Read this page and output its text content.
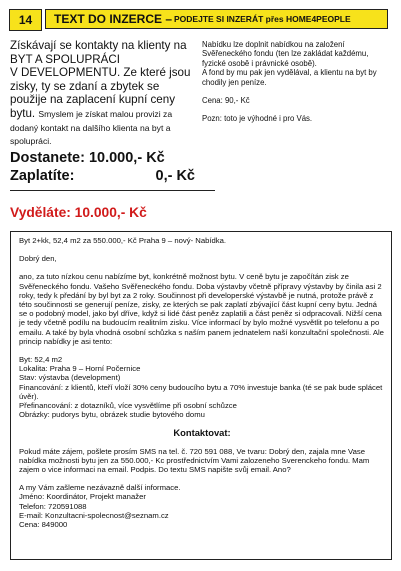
14 TEXT DO INZERCE – PODEJTE SI INZERÁT přes HOME4PEOPLE
Získávají se kontakty na klienty na
BYT A SPOLUPRÁCI
V DEVELOPMENTU. Ze které jsou
zisky, ty se zdaní a zbytek se
použije na zaplacení kupní ceny
bytu. Smyslem je získat malou provizi za dodaný kontakt na dalšího klienta na byt a spolupráci.
Dostanete: 10.000,- Kč
Zaplatíte:	0,- Kč
Vyděláte: 10.000,- Kč

Nabídku lze doplnit nabídkou na založení Svěřeneckého fondu (ten lze zakládat každému, fyzické osobě i právnické osobě).

A fond by mu pak jen vydělával, a klientu na byt by chodily jen peníze.

Cena: 90,- Kč

Pozn: toto je výhodné i pro Vás.

Byt 2+kk, 52,4 m2 za 550.000,- Kč Praha 9 – nový- Nabídka.

Dobrý den,

ano, za tuto nízkou cenu nabízíme byt, konkrétně možnost bytu. V ceně bytu je započítán zisk ze Svěřeneckého fondu. Vašeho Svěřeneckého fondu. Doba výstavby včetně přípravy výstavby by činila asi 2 roky, tedy k předání by byl byt za 2 roky. Součinnost při developerské výstavbě je nutná, protože právě z této součinnosti se generují peníze, zisky, ze kterých se pak zaplatí zbývající část kupní ceny bytu. Jedná se o podobný model, jako byl dříve, když si lidé část peněz zaplatili a část peněz si odpracovali. Nižší cena je tedy včetně podílu na budoucím realitním zisku. Více informací by bylo možné vysvětlit po telefonu a po emailu. A také by byla vhodná osobní schůzka s naším panem jednatelem naší konzultační společnosti. Ale princip nabídky je asi tento:

Byt: 52,4 m2

Lokalita: Praha 9 – Horní Počernice

Stav: výstavba (development)

Financování: z klientů, kteří vloží 30% ceny budoucího bytu a 70% investuje banka (té se pak bude splácet úvěr).

Přefinancování: z dotazníků, více vysvětlíme při osobní schůzce

Obrázky: pudorys bytu, obrázek studie bytového domu

Kontaktovat:

Pokud máte zájem, pošlete prosím SMS na tel. č. 720 591 088, Ve tvaru: Dobrý den, zajala mne Vase nabídka možnosti bytu jen za 550.000,- Kc prostřednictvím Vami zalozeneho Sverenckeho fondu. Mam zajem o vice informaci na email. Podpis. Do textu SMS napište svůj email. Ano?

A my Vám zašleme nezávazně další informace.

Jméno: Koordinátor, Projekt manažer

Telefon: 720591088

E-mail: Konzultacni-spolecnost@seznam.cz

Cena: 849000
